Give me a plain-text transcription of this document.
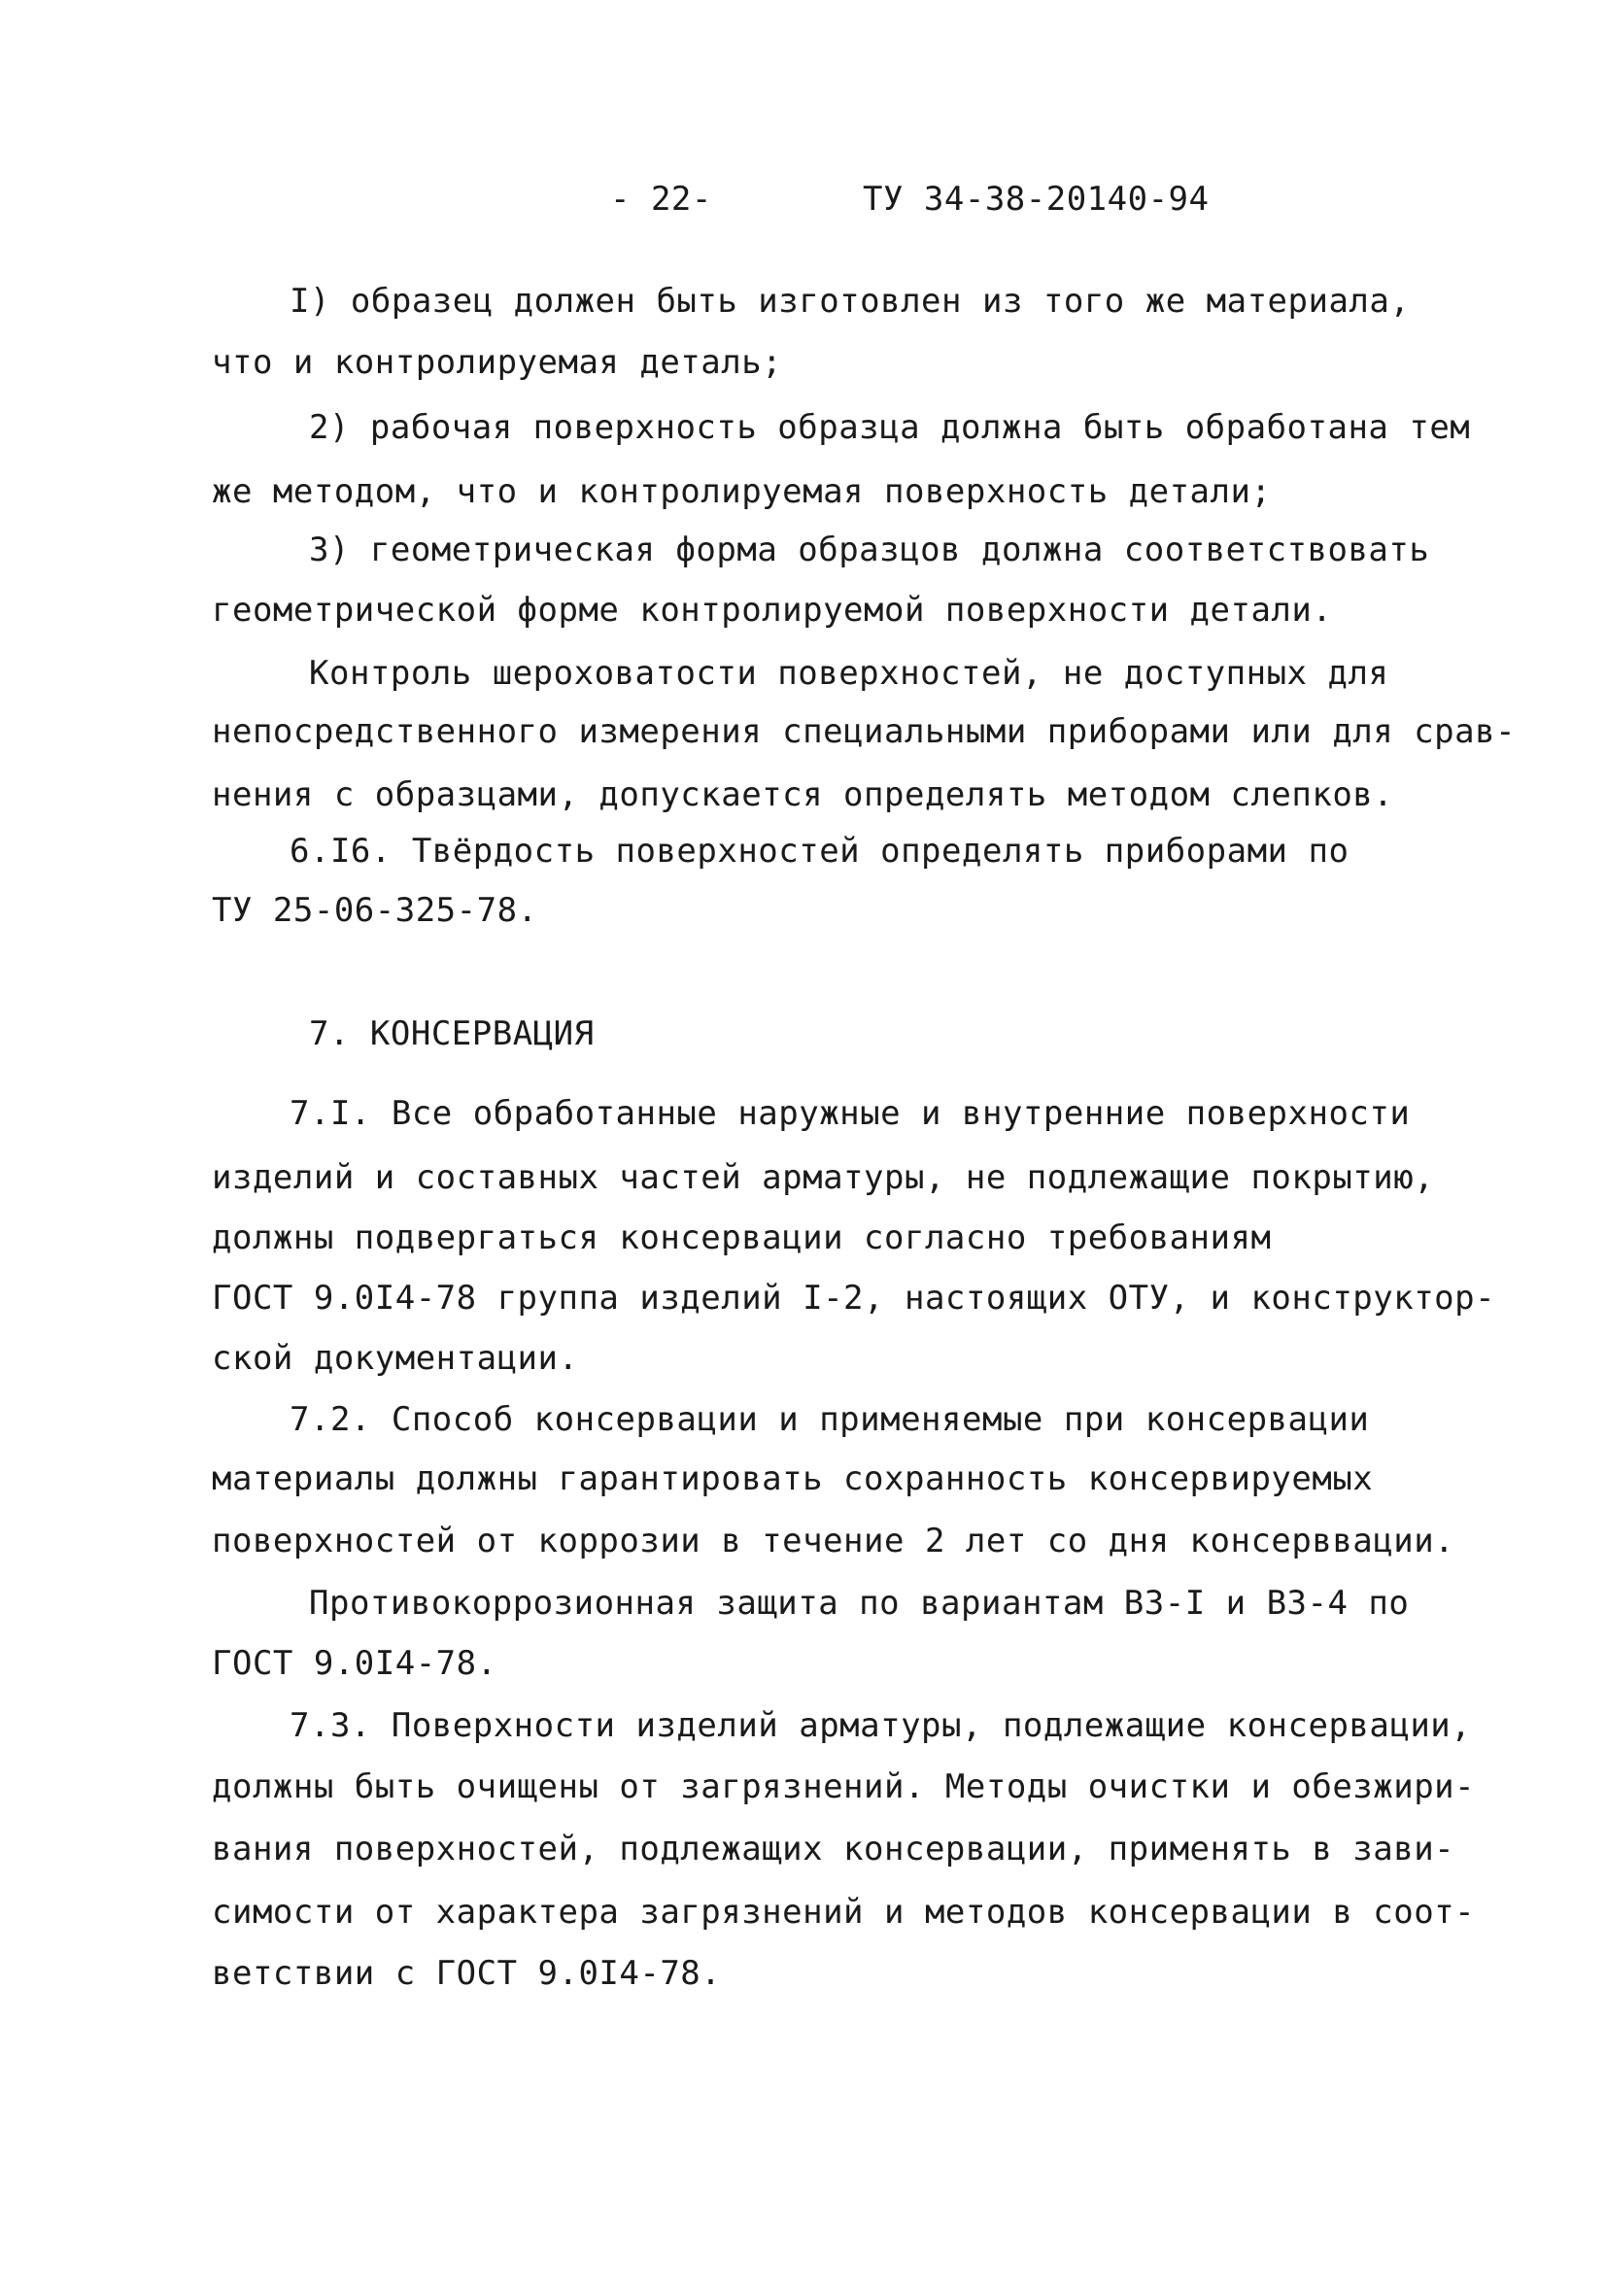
- 22-	ТУ 34-38-20140-94
I) образец должен быть изготовлен из того же материала,
что и контролируемая деталь;
2) рабочая поверхность образца должна быть обработана тем
же методом, что и контролируемая поверхность детали;
3) геометрическая форма образцов должна соответствовать
геометрической форме контролируемой поверхности детали.
Контроль шероховатости поверхностей, не доступных для
непосредственного измерения специальными приборами или для срав-
нения с образцами, допускается определять методом слепков.
6.I6. Твёрдость поверхностей определять приборами по
ТУ 25-06-325-78.
7. КОНСЕРВАЦИЯ
7.I. Все обработанные наружные и внутренние поверхности
изделий и составных частей арматуры, не подлежащие покрытию,
должны подвергаться консервации согласно требованиям
ГОСТ 9.0I4-78 группа изделий I-2, настоящих ОТУ, и конструктор-
ской документации.
7.2. Способ консервации и применяемые при консервации
материалы должны гарантировать сохранность консервируемых
поверхностей от коррозии в течение 2 лет со дня консерввации.
Противокоррозионная защита по вариантам ВЗ-I и ВЗ-4 по
ГОСТ 9.0I4-78.
7.3. Поверхности изделий арматуры, подлежащие консервации,
должны быть очищены от загрязнений. Методы очистки и обезжири-
вания поверхностей, подлежащих консервации, применять в зави-
симости от характера загрязнений и методов консервации в соот-
ветствии с ГОСТ 9.0I4-78.
